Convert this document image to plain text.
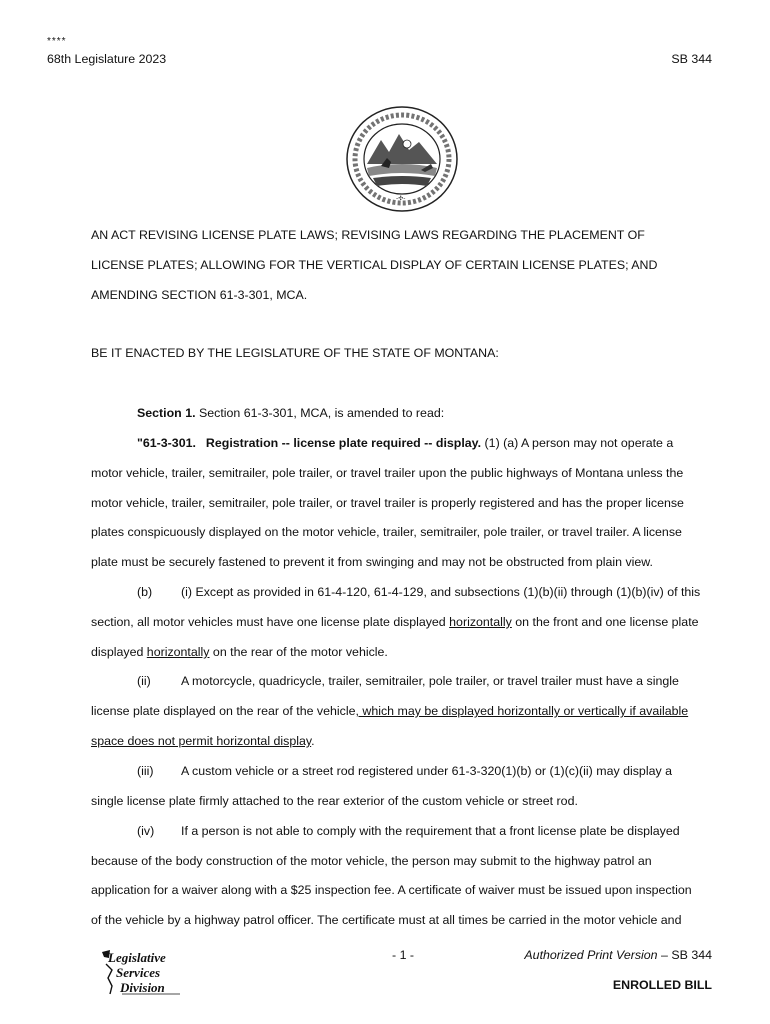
****
68th Legislature 2023	SB 344
-✣-
AN ACT REVISING LICENSE PLATE LAWS; REVISING LAWS REGARDING THE PLACEMENT OF
LICENSE PLATES; ALLOWING FOR THE VERTICAL DISPLAY OF CERTAIN LICENSE PLATES; AND
AMENDING SECTION 61-3-301, MCA.
BE IT ENACTED BY THE LEGISLATURE OF THE STATE OF MONTANA:
Section 1. Section 61-3-301, MCA, is amended to read:
"61-3-301. Registration -- license plate required -- display. (1) (a) A person may not operate a
motor vehicle, trailer, semitrailer, pole trailer, or travel trailer upon the public highways of Montana unless the
motor vehicle, trailer, semitrailer, pole trailer, or travel trailer is properly registered and has the proper license
plates conspicuously displayed on the motor vehicle, trailer, semitrailer, pole trailer, or travel trailer. A license
plate must be securely fastened to prevent it from swinging and may not be obstructed from plain view.
(b) (i) Except as provided in 61-4-120, 61-4-129, and subsections (1)(b)(ii) through (1)(b)(iv) of this
section, all motor vehicles must have one license plate displayed horizontally on the front and one license plate
displayed horizontally on the rear of the motor vehicle.
(ii) A motorcycle, quadricycle, trailer, semitrailer, pole trailer, or travel trailer must have a single
license plate displayed on the rear of the vehicle, which may be displayed horizontally or vertically if available
space does not permit horizontal display.
(iii) A custom vehicle or a street rod registered under 61-3-320(1)(b) or (1)(c)(ii) may display a
single license plate firmly attached to the rear exterior of the custom vehicle or street rod.
(iv) If a person is not able to comply with the requirement that a front license plate be displayed
because of the body construction of the motor vehicle, the person may submit to the highway patrol an
application for a waiver along with a $25 inspection fee. A certificate of waiver must be issued upon inspection
of the vehicle by a highway patrol officer. The certificate must at all times be carried in the motor vehicle and
Legislative
Services
Division
- 1 -	Authorized Print Version – SB 344
ENROLLED BILL
